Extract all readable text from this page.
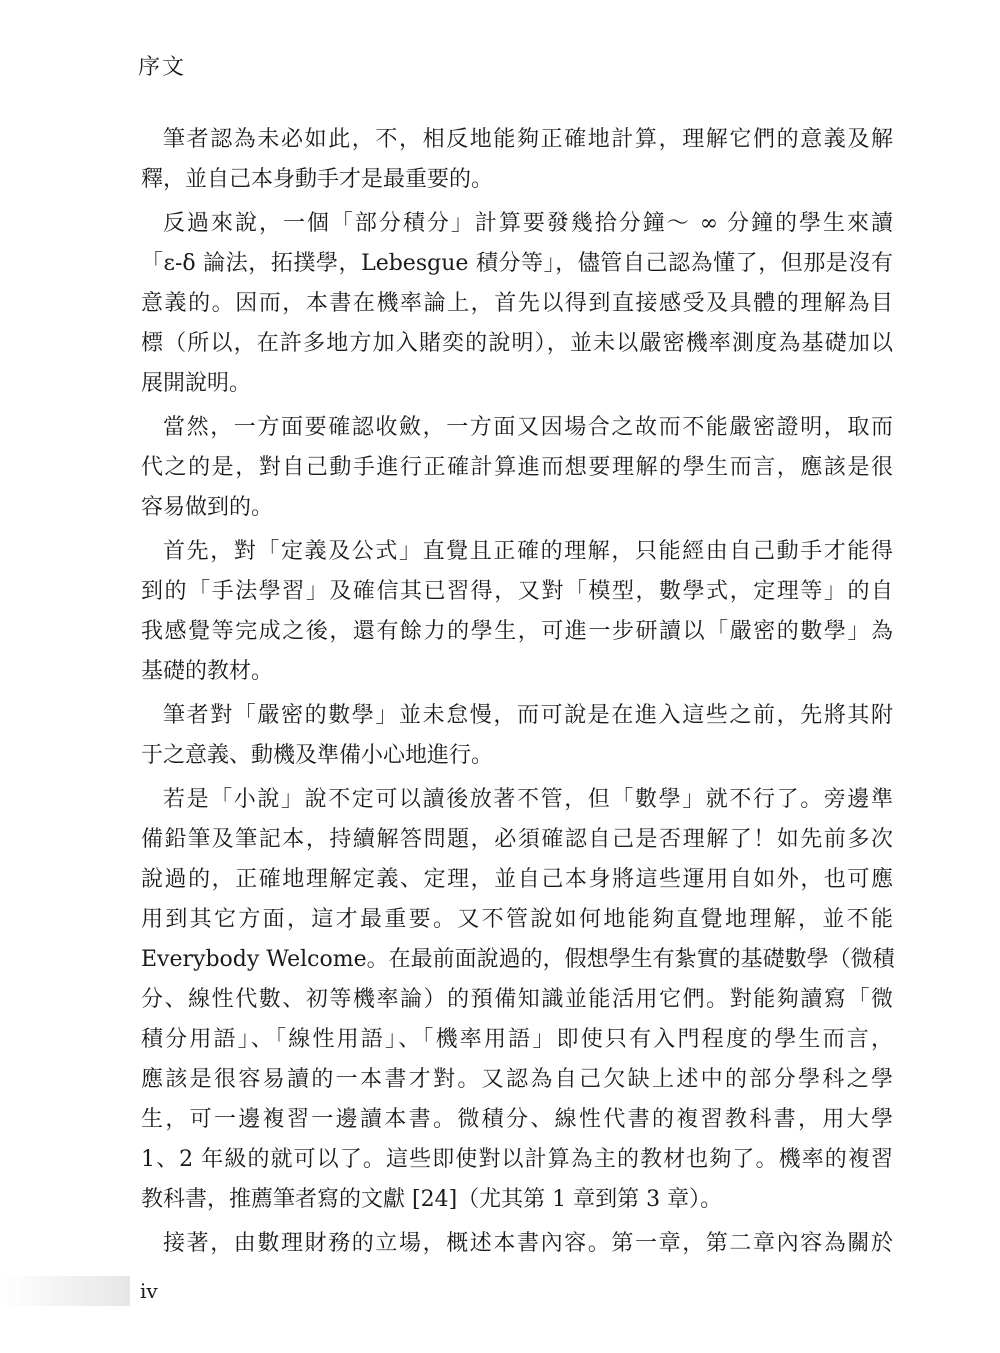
序文

筆者認為未必如此，不，相反地能夠正確地計算，理解它們的意義及解
釋，並自己本身動手才是最重要的。

反過來說，一個「部分積分」計算要發幾拾分鐘～ ∞ 分鐘的學生來讀
「ε-δ 論法，拓撲學，Lebesgue 積分等」，儘管自己認為懂了，但那是沒有
意義的。因而，本書在機率論上，首先以得到直接感受及具體的理解為目
標（所以，在許多地方加入賭奕的說明），並未以嚴密機率測度為基礎加以
展開說明。

當然，一方面要確認收斂，一方面又因場合之故而不能嚴密證明，取而
代之的是，對自己動手進行正確計算進而想要理解的學生而言，應該是很
容易做到的。

首先，對「定義及公式」直覺且正確的理解，只能經由自己動手才能得
到的「手法學習」及確信其已習得，又對「模型，數學式，定理等」的自
我感覺等完成之後，還有餘力的學生，可進一步研讀以「嚴密的數學」為
基礎的教材。

筆者對「嚴密的數學」並未怠慢，而可說是在進入這些之前，先將其附
于之意義、動機及準備小心地進行。

若是「小說」說不定可以讀後放著不管，但「數學」就不行了。旁邊準
備鉛筆及筆記本，持續解答問題，必須確認自己是否理解了！如先前多次
說過的，正確地理解定義、定理，並自己本身將這些運用自如外，也可應
用到其它方面，這才最重要。又不管說如何地能夠直覺地理解，並不能
Everybody Welcome。在最前面說過的，假想學生有紮實的基礎數學（微積
分、線性代數、初等機率論）的預備知識並能活用它們。對能夠讀寫「微
積分用語」、「線性用語」、「機率用語」即使只有入門程度的學生而言，
應該是很容易讀的一本書才對。又認為自己欠缺上述中的部分學科之學
生，可一邊複習一邊讀本書。微積分、線性代書的複習教科書，用大學
1、2 年級的就可以了。這些即使對以計算為主的教材也夠了。機率的複習
教科書，推薦筆者寫的文獻 [24]（尤其第 1 章到第 3 章）。

接著，由數理財務的立場，概述本書內容。第一章，第二章內容為關於

iv
